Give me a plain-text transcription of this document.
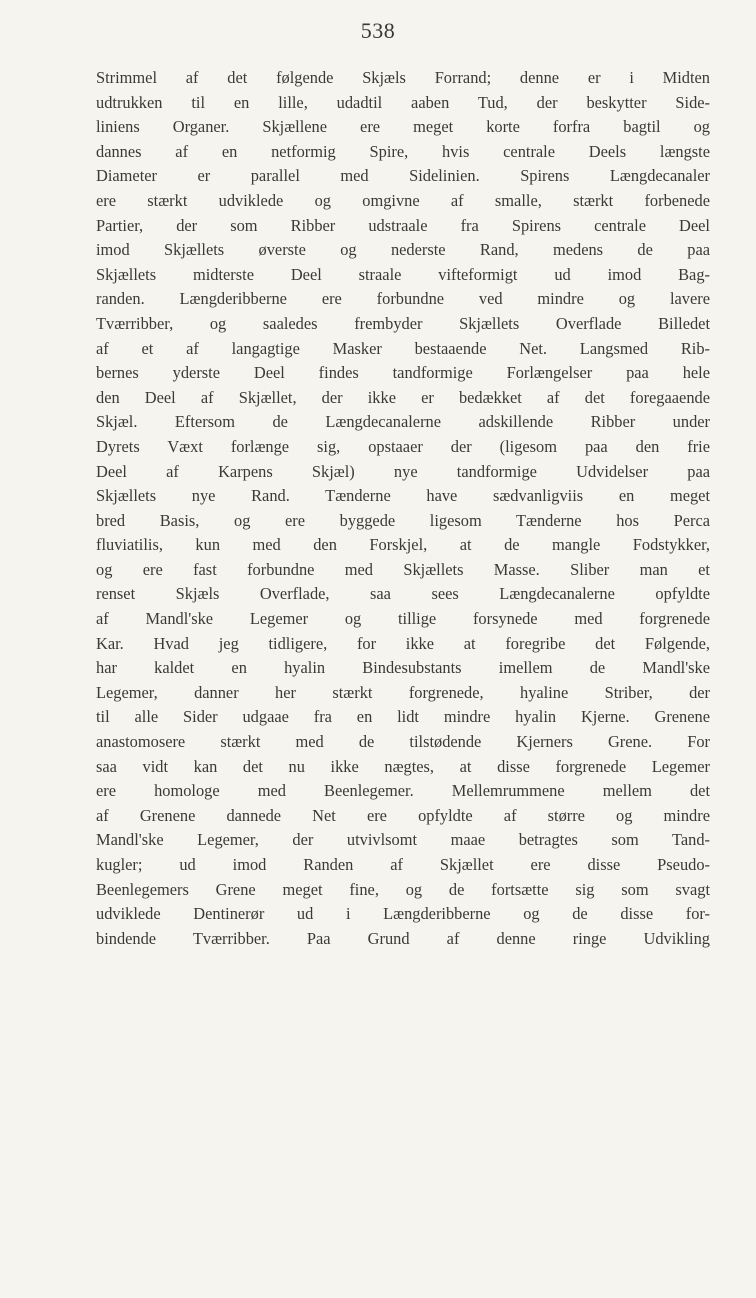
538
Strimmel af det følgende Skjæls Forrand; denne er i Midten
udtrukken til en lille, udadtil aaben Tud, der beskytter Side-
liniens Organer. Skjællene ere meget korte forfra bagtil og
dannes af en netformig Spire, hvis centrale Deels længste
Diameter er parallel med Sidelinien. Spirens Længdecanaler
ere stærkt udviklede og omgivne af smalle, stærkt forbenede
Partier, der som Ribber udstraale fra Spirens centrale Deel
imod Skjællets øverste og nederste Rand, medens de paa
Skjællets midterste Deel straale vifteformigt ud imod Bag-
randen. Længderibberne ere forbundne ved mindre og lavere
Tværribber, og saaledes frembyder Skjællets Overflade Billedet
af et af langagtige Masker bestaaende Net. Langsmed Rib-
bernes yderste Deel findes tandformige Forlængelser paa hele
den Deel af Skjællet, der ikke er bedækket af det foregaaende
Skjæl. Eftersom de Længdecanalerne adskillende Ribber under
Dyrets Væxt forlænge sig, opstaaer der (ligesom paa den frie
Deel af Karpens Skjæl) nye tandformige Udvidelser paa
Skjællets nye Rand. Tænderne have sædvanligviis en meget
bred Basis, og ere byggede ligesom Tænderne hos Perca
fluviatilis, kun med den Forskjel, at de mangle Fodstykker,
og ere fast forbundne med Skjællets Masse. Sliber man et
renset Skjæls Overflade, saa sees Længdecanalerne opfyldte
af Mandl'ske Legemer og tillige forsynede med forgrenede
Kar. Hvad jeg tidligere, for ikke at foregribe det Følgende,
har kaldet en hyalin Bindesubstants imellem de Mandl'ske
Legemer, danner her stærkt forgrenede, hyaline Striber, der
til alle Sider udgaae fra en lidt mindre hyalin Kjerne. Grenene
anastomosere stærkt med de tilstødende Kjerners Grene. For
saa vidt kan det nu ikke nægtes, at disse forgrenede Legemer
ere homologe med Beenlegemer. Mellemrummene mellem det
af Grenene dannede Net ere opfyldte af større og mindre
Mandl'ske Legemer, der utvivlsomt maae betragtes som Tand-
kugler; ud imod Randen af Skjællet ere disse Pseudo-
Beenlegemers Grene meget fine, og de fortsætte sig som svagt
udviklede Dentinerør ud i Længderibberne og de disse for-
bindende Tværribber. Paa Grund af denne ringe Udvikling
